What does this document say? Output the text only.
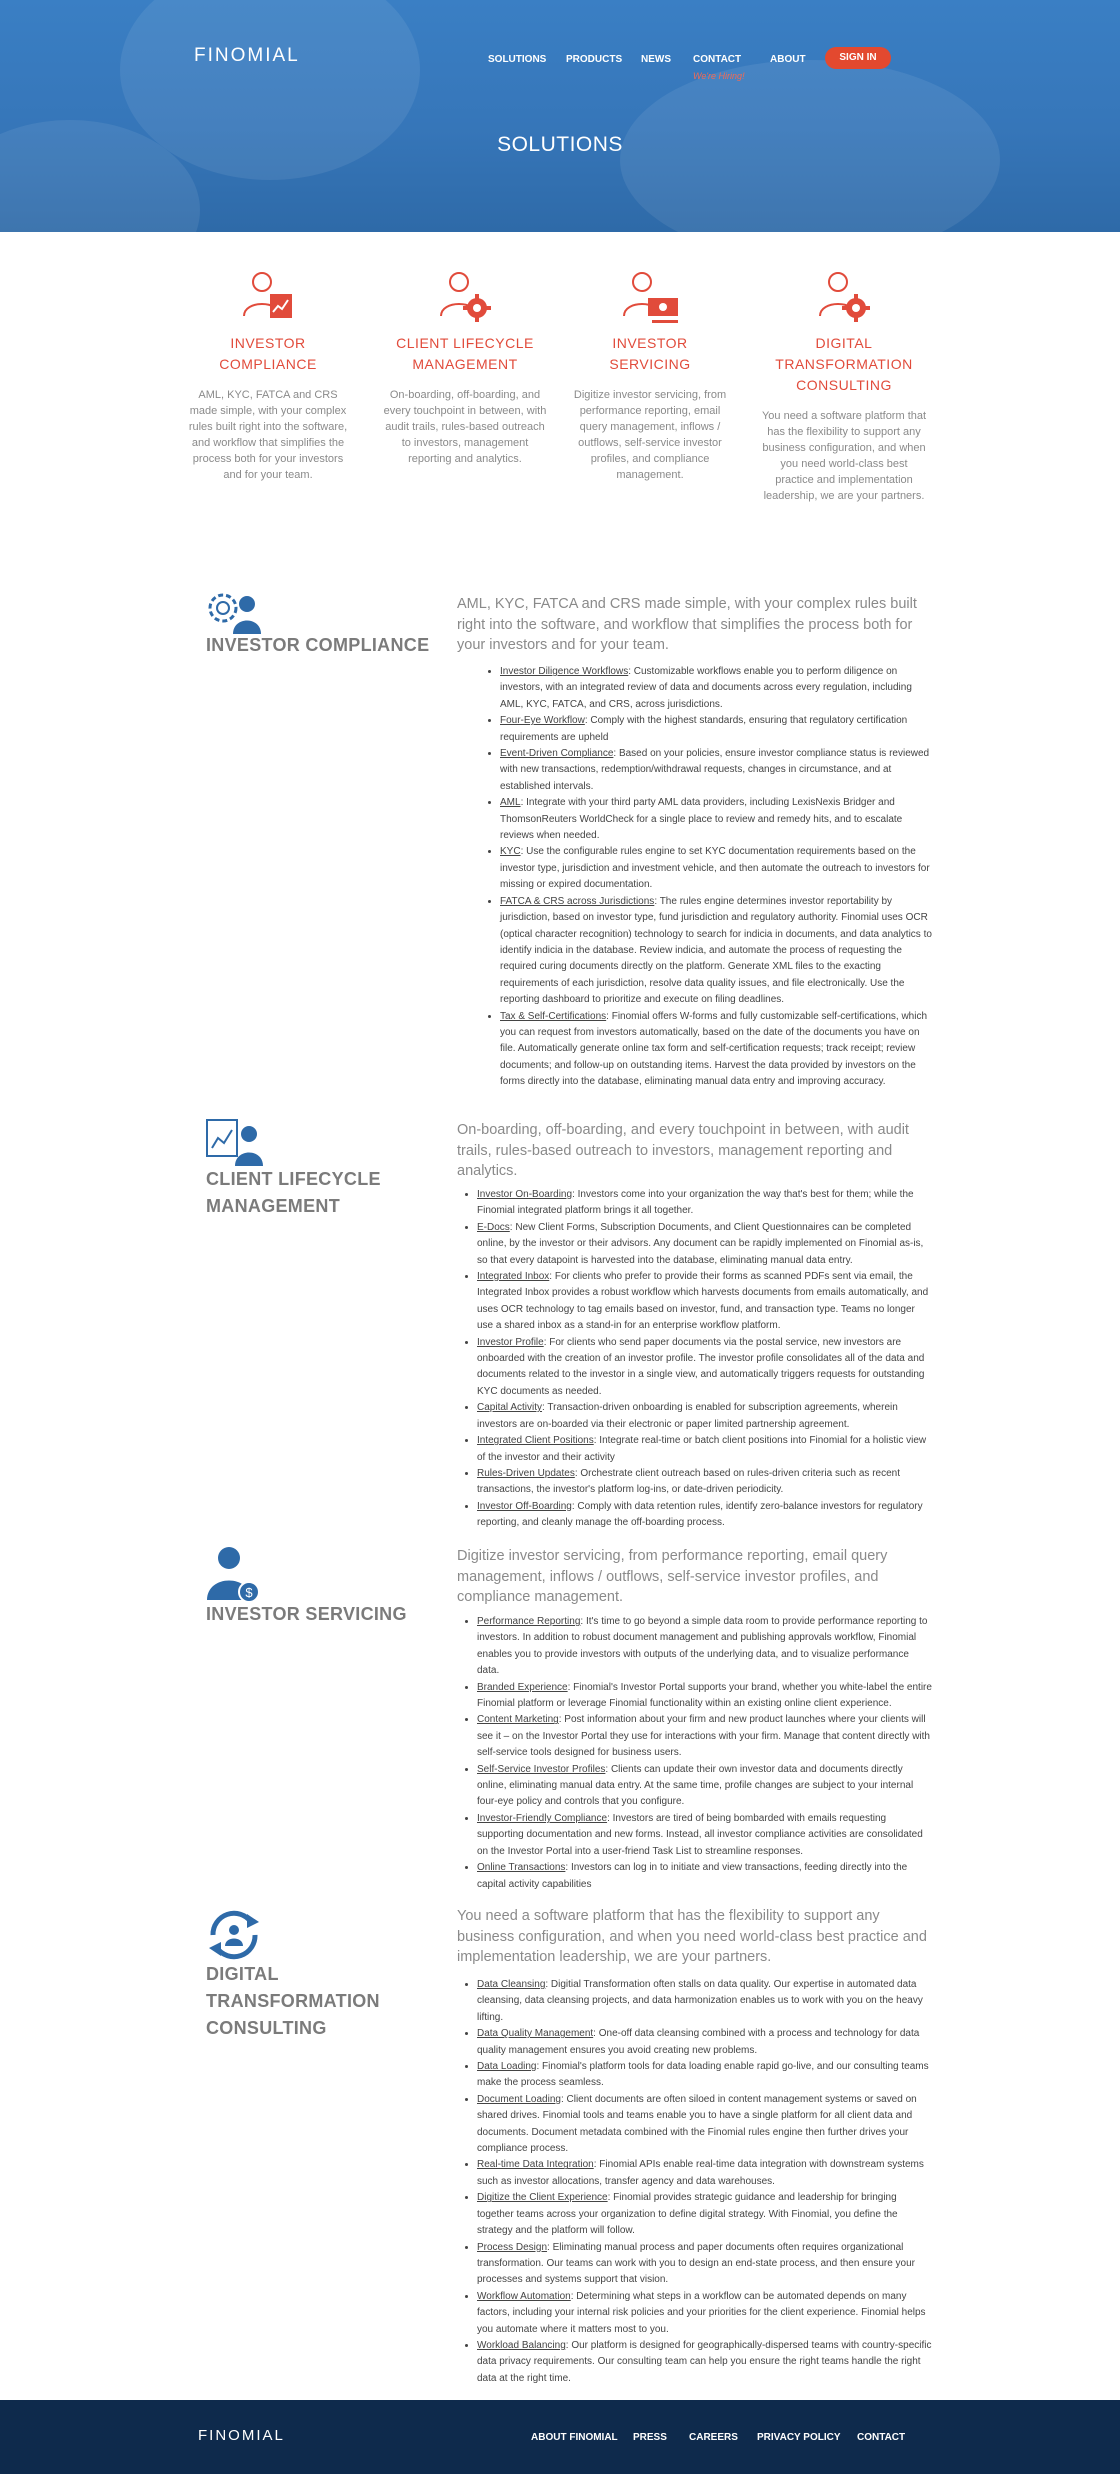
FINOMIAL	SOLUTIONS PRODUCTS NEWS CONTACT
We're Hiring!
ABOUT	SIGN IN
SOLUTIONS
INVESTOR
COMPLIANCE
AML, KYC, FATCA and CRS made simple, with your complex rules built right into the software, and workflow that simplifies the process both for your investors and for your team.
CLIENT LIFECYCLE
MANAGEMENT
On-boarding, off-boarding, and every touchpoint in between, with audit trails, rules-based outreach to investors, management reporting and analytics.
INVESTOR
SERVICING
Digitize investor servicing, from performance reporting, email query management, inflows / outflows, self-service investor profiles, and compliance management.
DIGITAL
TRANSFORMATION
CONSULTING
You need a software platform that has the flexibility to support any business configuration, and when you need world-class best practice and implementation leadership, we are your partners.
INVESTOR COMPLIANCE
AML, KYC, FATCA and CRS made simple, with your complex rules built right into the software, and workflow that simplifies the process both for your investors and for your team.
• Investor Diligence Workflows: Customizable workflows enable you to perform diligence on investors, with an integrated review of data and documents across every regulation, including AML, KYC, FATCA, and CRS, across jurisdictions.
• Four-Eye Workflow: Comply with the highest standards, ensuring that regulatory certification requirements are upheld
• Event-Driven Compliance: Based on your policies, ensure investor compliance status is reviewed with new transactions, redemption/withdrawal requests, changes in circumstance, and at established intervals.
• AML: Integrate with your third party AML data providers, including LexisNexis Bridger and ThomsonReuters WorldCheck for a single place to review and remedy hits, and to escalate reviews when needed.
• KYC: Use the configurable rules engine to set KYC documentation requirements based on the investor type, jurisdiction and investment vehicle, and then automate the outreach to investors for missing or expired documentation.
• FATCA & CRS across Jurisdictions: The rules engine determines investor reportability by jurisdiction, based on investor type, fund jurisdiction and regulatory authority. Finomial uses OCR (optical character recognition) technology to search for indicia in documents, and data analytics to identify indicia in the database. Review indicia, and automate the process of requesting the required curing documents directly on the platform. Generate XML files to the exacting requirements of each jurisdiction, resolve data quality issues, and file electronically. Use the reporting dashboard to prioritize and execute on filing deadlines.
• Tax & Self-Certifications: Finomial offers W-forms and fully customizable self-certifications, which you can request from investors automatically, based on the date of the documents you have on file. Automatically generate online tax form and self-certification requests; track receipt; review documents; and follow-up on outstanding items. Harvest the data provided by investors on the forms directly into the database, eliminating manual data entry and improving accuracy.
CLIENT LIFECYCLE
MANAGEMENT
On-boarding, off-boarding, and every touchpoint in between, with audit trails, rules-based outreach to investors, management reporting and analytics.
• Investor On-Boarding: Investors come into your organization the way that's best for them; while the Finomial integrated platform brings it all together.
• E-Docs: New Client Forms, Subscription Documents, and Client Questionnaires can be completed online, by the investor or their advisors. Any document can be rapidly implemented on Finomial as-is, so that every datapoint is harvested into the database, eliminating manual data entry.
• Integrated Inbox: For clients who prefer to provide their forms as scanned PDFs sent via email, the Integrated Inbox provides a robust workflow which harvests documents from emails automatically, and uses OCR technology to tag emails based on investor, fund, and transaction type. Teams no longer use a shared inbox as a stand-in for an enterprise workflow platform.
• Investor Profile: For clients who send paper documents via the postal service, new investors are onboarded with the creation of an investor profile. The investor profile consolidates all of the data and documents related to the investor in a single view, and automatically triggers requests for outstanding KYC documents as needed.
• Capital Activity: Transaction-driven onboarding is enabled for subscription agreements, wherein investors are on-boarded via their electronic or paper limited partnership agreement.
• Integrated Client Positions: Integrate real-time or batch client positions into Finomial for a holistic view of the investor and their activity
• Rules-Driven Updates: Orchestrate client outreach based on rules-driven criteria such as recent transactions, the investor's platform log-ins, or date-driven periodicity.
• Investor Off-Boarding: Comply with data retention rules, identify zero-balance investors for regulatory reporting, and cleanly manage the off-boarding process.
$
INVESTOR SERVICING
Digitize investor servicing, from performance reporting, email query management, inflows / outflows, self-service investor profiles, and compliance management.
• Performance Reporting: It's time to go beyond a simple data room to provide performance reporting to investors. In addition to robust document management and publishing approvals workflow, Finomial enables you to provide investors with outputs of the underlying data, and to visualize performance data.
• Branded Experience: Finomial's Investor Portal supports your brand, whether you white-label the entire Finomial platform or leverage Finomial functionality within an existing online client experience.
• Content Marketing: Post information about your firm and new product launches where your clients will see it – on the Investor Portal they use for interactions with your firm. Manage that content directly with self-service tools designed for business users.
• Self-Service Investor Profiles: Clients can update their own investor data and documents directly online, eliminating manual data entry. At the same time, profile changes are subject to your internal four-eye policy and controls that you configure.
• Investor-Friendly Compliance: Investors are tired of being bombarded with emails requesting supporting documentation and new forms. Instead, all investor compliance activities are consolidated on the Investor Portal into a user-friend Task List to streamline responses.
• Online Transactions: Investors can log in to initiate and view transactions, feeding directly into the capital activity capabilities
DIGITAL
TRANSFORMATION
CONSULTING
You need a software platform that has the flexibility to support any business configuration, and when you need world-class best practice and implementation leadership, we are your partners.
• Data Cleansing: Digitial Transformation often stalls on data quality. Our expertise in automated data cleansing, data cleansing projects, and data harmonization enables us to work with you on the heavy lifting.
• Data Quality Management: One-off data cleansing combined with a process and technology for data quality management ensures you avoid creating new problems.
• Data Loading: Finomial's platform tools for data loading enable rapid go-live, and our consulting teams make the process seamless.
• Document Loading: Client documents are often siloed in content management systems or saved on shared drives. Finomial tools and teams enable you to have a single platform for all client data and documents. Document metadata combined with the Finomial rules engine then further drives your compliance process.
• Real-time Data Integration: Finomial APIs enable real-time data integration with downstream systems such as investor allocations, transfer agency and data warehouses.
• Digitize the Client Experience: Finomial provides strategic guidance and leadership for bringing together teams across your organization to define digital strategy. With Finomial, you define the strategy and the platform will follow.
• Process Design: Eliminating manual process and paper documents often requires organizational transformation. Our teams can work with you to design an end-state process, and then ensure your processes and systems support that vision.
• Workflow Automation: Determining what steps in a workflow can be automated depends on many factors, including your internal risk policies and your priorities for the client experience. Finomial helps you automate where it matters most to you.
• Workload Balancing: Our platform is designed for geographically-dispersed teams with country-specific data privacy requirements. Our consulting team can help you ensure the right teams handle the right data at the right time.
FINOMIAL	ABOUT FINOMIAL PRESS CAREERS PRIVACY POLICY CONTACT
